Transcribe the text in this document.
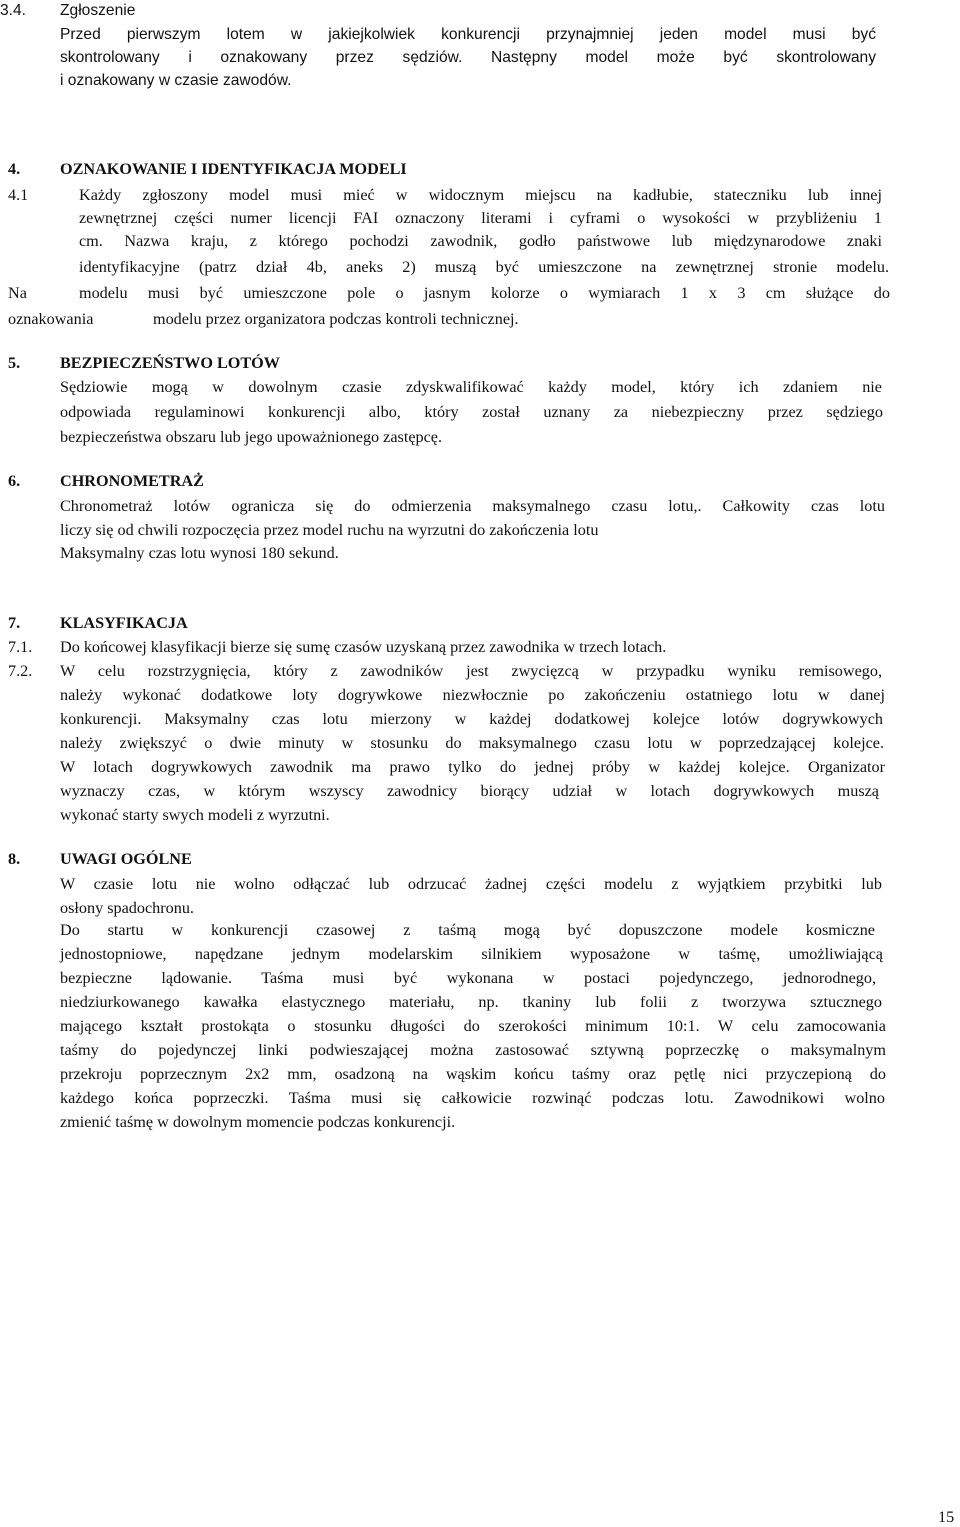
3.4. Zgłoszenie
Przed pierwszym lotem w jakiejkolwiek konkurencji przynajmniej jeden model musi być
skontrolowany i oznakowany przez sędziów. Następny model może być skontrolowany
i oznakowany w czasie zawodów.
4. OZNAKOWANIE I IDENTYFIKACJA MODELI
4.1	Każdy zgłoszony model musi mieć w widocznym miejscu na kadłubie, stateczniku lub innej
zewnętrznej części numer licencji FAI oznaczony literami i cyframi o wysokości w przybliżeniu 1
cm. Nazwa kraju, z którego pochodzi zawodnik, godło państwowe lub międzynarodowe znaki
identyfikacyjne (patrz dział 4b, aneks 2) muszą być umieszczone na zewnętrznej stronie modelu.
Na	modelu musi być umieszczone pole o jasnym kolorze o wymiarach 1 x 3 cm służące do
oznakowania	modelu przez organizatora podczas kontroli technicznej.
5. BEZPIECZEŃSTWO LOTÓW
Sędziowie mogą w dowolnym czasie zdyskwalifikować każdy model, który ich zdaniem nie
odpowiada regulaminowi konkurencji albo, który został uznany za niebezpieczny przez sędziego
bezpieczeństwa obszaru lub jego upoważnionego zastępcę.
6. CHRONOMETRAŻ
Chronometraż lotów ogranicza się do odmierzenia maksymalnego czasu lotu,. Całkowity czas lotu
liczy się od chwili rozpoczęcia przez model ruchu na wyrzutni do zakończenia lotu
Maksymalny czas lotu wynosi 180 sekund.
7. KLASYFIKACJA
7.1. Do końcowej klasyfikacji bierze się sumę czasów uzyskaną przez zawodnika w trzech lotach.
7.2. W celu rozstrzygnięcia, który z zawodników jest zwycięzcą w przypadku wyniku remisowego,
należy wykonać dodatkowe loty dogrywkowe niezwłocznie po zakończeniu ostatniego lotu w danej
konkurencji. Maksymalny czas lotu mierzony w każdej dodatkowej kolejce lotów dogrywkowych
należy zwiększyć o dwie minuty w stosunku do maksymalnego czasu lotu w poprzedzającej kolejce.
W lotach dogrywkowych zawodnik ma prawo tylko do jednej próby w każdej kolejce. Organizator
wyznaczy czas, w którym wszyscy zawodnicy biorący udział w lotach dogrywkowych muszą
wykonać starty swych modeli z wyrzutni.
8. UWAGI OGÓLNE
W czasie lotu nie wolno odłączać lub odrzucać żadnej części modelu z wyjątkiem przybitki lub
osłony spadochronu.
Do startu w konkurencji czasowej z taśmą mogą być dopuszczone modele kosmiczne
jednostopniowe, napędzane jednym modelarskim silnikiem wyposażone w taśmę, umożliwiającą
bezpieczne lądowanie. Taśma musi być wykonana w postaci pojedynczego, jednorodnego,
niedziurkowanego kawałka elastycznego materiału, np. tkaniny lub folii z tworzywa sztucznego
mającego kształt prostokąta o stosunku długości do szerokości minimum 10:1. W celu zamocowania
taśmy do pojedynczej linki podwieszającej można zastosować sztywną poprzeczkę o maksymalnym
przekroju poprzecznym 2x2 mm, osadzoną na wąskim końcu taśmy oraz pętlę nici przyczepioną do
każdego końca poprzeczki. Taśma musi się całkowicie rozwinąć podczas lotu. Zawodnikowi wolno
zmienić taśmę w dowolnym momencie podczas konkurencji.
15
